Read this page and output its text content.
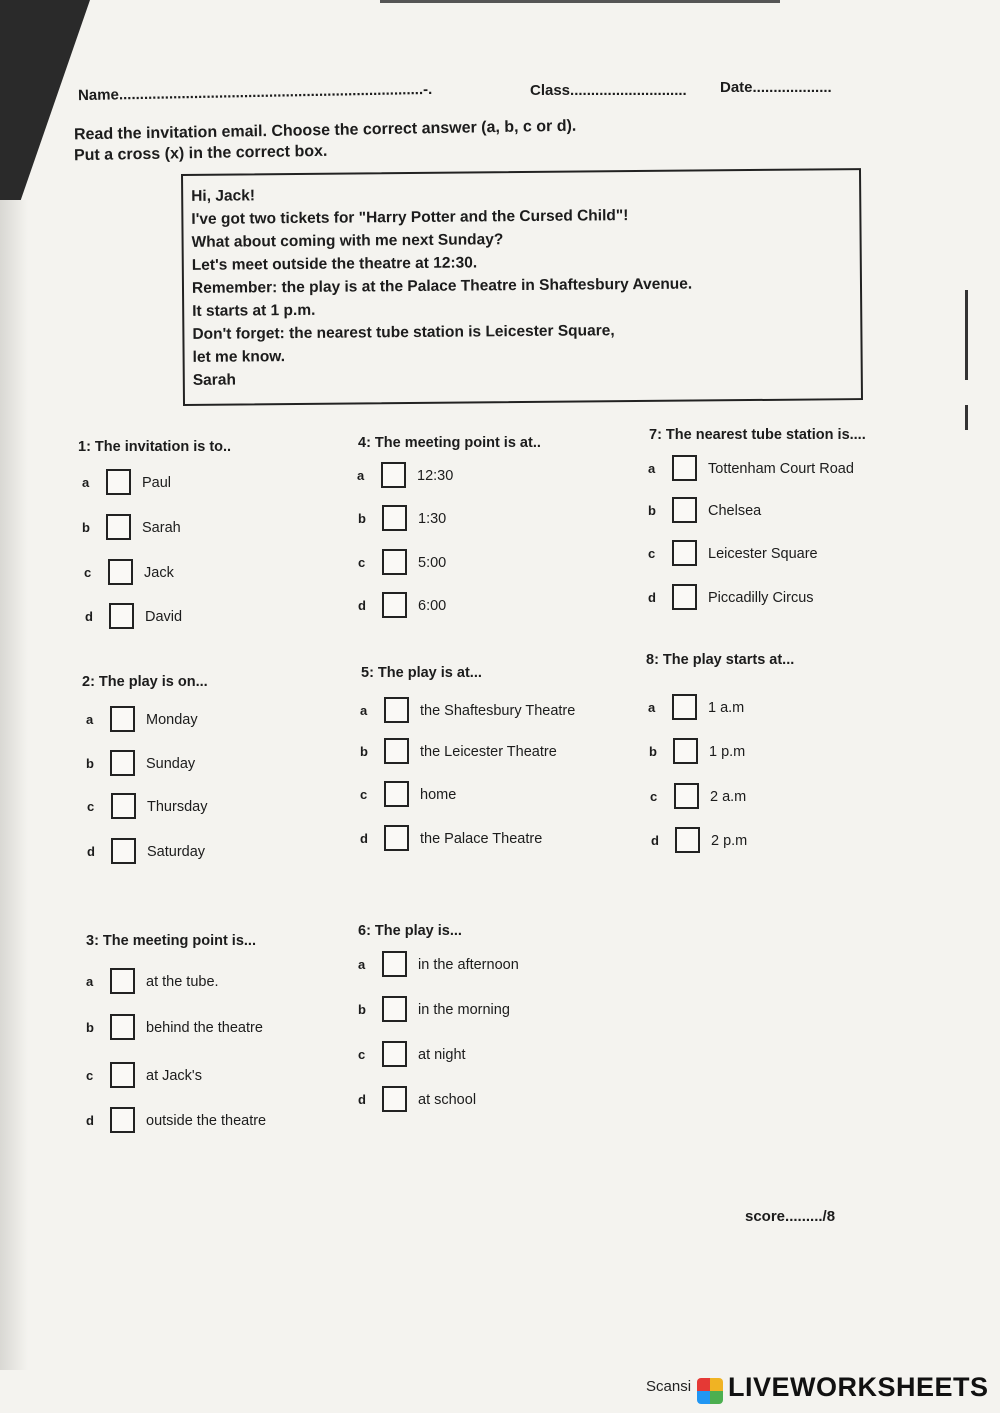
Name.........................................................................-.	Class............................ Date...................
Read the invitation email. Choose the correct answer (a, b, c or d).
Put a cross (x) in the correct box.
Hi, Jack!
I've got two tickets for "Harry Potter and the Cursed Child"!
What about coming with me next Sunday?
Let's meet outside the theatre at 12:30.
Remember: the play is at the Palace Theatre in Shaftesbury Avenue.
It starts at 1 p.m.
Don't forget: the nearest tube station is Leicester Square,
let me know.
Sarah
1: The invitation is to..
a	Paul
b	Sarah
c	Jack
d	David
2: The play is on...
a	Monday
b	Sunday
c	Thursday
d	Saturday
3: The meeting point is...
a	at the tube.
b	behind the theatre
c	at Jack's
d	outside the theatre
4: The meeting point is at..
a	12:30
b	1:30
c	5:00
d	6:00
5: The play is at...
a	the Shaftesbury Theatre
b	the Leicester Theatre
c	home
d	the Palace Theatre
6: The play is...
a	in the afternoon
b	in the morning
c	at night
d	at school
7: The nearest tube station is....
a	Tottenham Court Road
b	Chelsea
c	Leicester Square
d	Piccadilly Circus
8: The play starts at...
a	1 a.m
b	1 p.m
c	2 a.m
d	2 p.m
score........./8
Scansi LIVEWORKSHEETS
